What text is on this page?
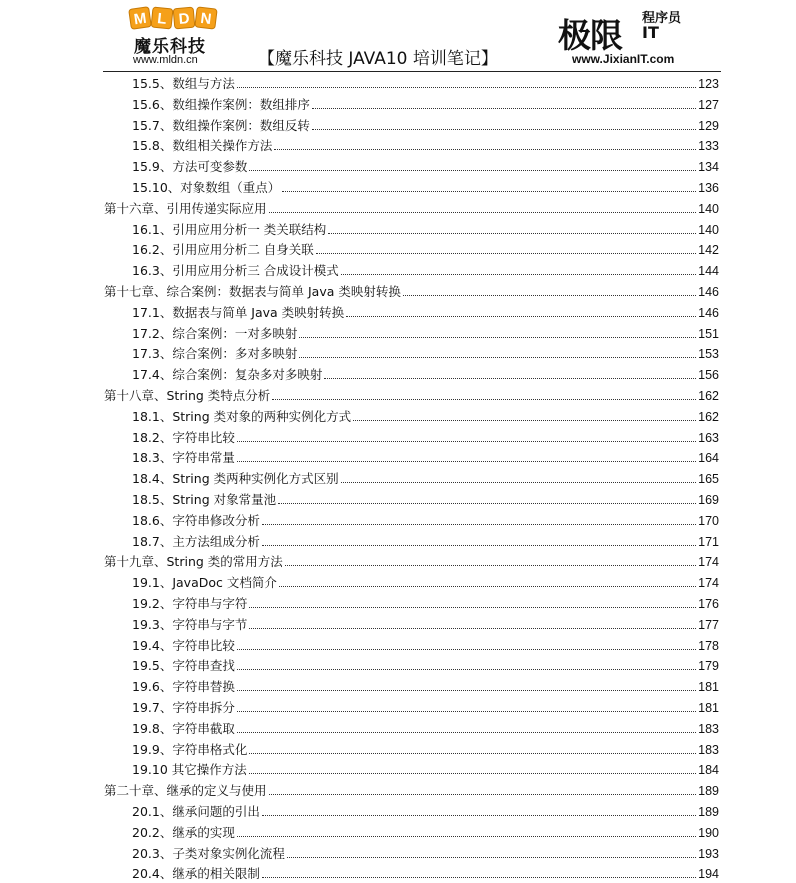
M L D N
魔乐科技
www.mldn.cn	【魔乐科技 JAVA10 培训笔记】
极限 程序员
IT
www.JixianIT.com
15.5、数组与方法	123
15.6、数组操作案例：数组排序	127
15.7、数组操作案例：数组反转	129
15.8、数组相关操作方法	133
15.9、方法可变参数	134
15.10、对象数组（重点）	136
第十六章、引用传递实际应用	140
16.1、引用应用分析一 类关联结构	140
16.2、引用应用分析二 自身关联	142
16.3、引用应用分析三 合成设计模式	144
第十七章、综合案例：数据表与简单 Java 类映射转换	146
17.1、数据表与简单 Java 类映射转换	146
17.2、综合案例：一对多映射	151
17.3、综合案例：多对多映射	153
17.4、综合案例：复杂多对多映射	156
第十八章、String 类特点分析	162
18.1、String 类对象的两种实例化方式	162
18.2、字符串比较	163
18.3、字符串常量	164
18.4、String 类两种实例化方式区别	165
18.5、String 对象常量池	169
18.6、字符串修改分析	170
18.7、主方法组成分析	171
第十九章、String 类的常用方法	174
19.1、JavaDoc 文档简介	174
19.2、字符串与字符	176
19.3、字符串与字节	177
19.4、字符串比较	178
19.5、字符串查找	179
19.6、字符串替换	181
19.7、字符串拆分	181
19.8、字符串截取	183
19.9、字符串格式化	183
19.10 其它操作方法	184
第二十章、继承的定义与使用	189
20.1、继承问题的引出	189
20.2、继承的实现	190
20.3、子类对象实例化流程	193
20.4、继承的相关限制	194
